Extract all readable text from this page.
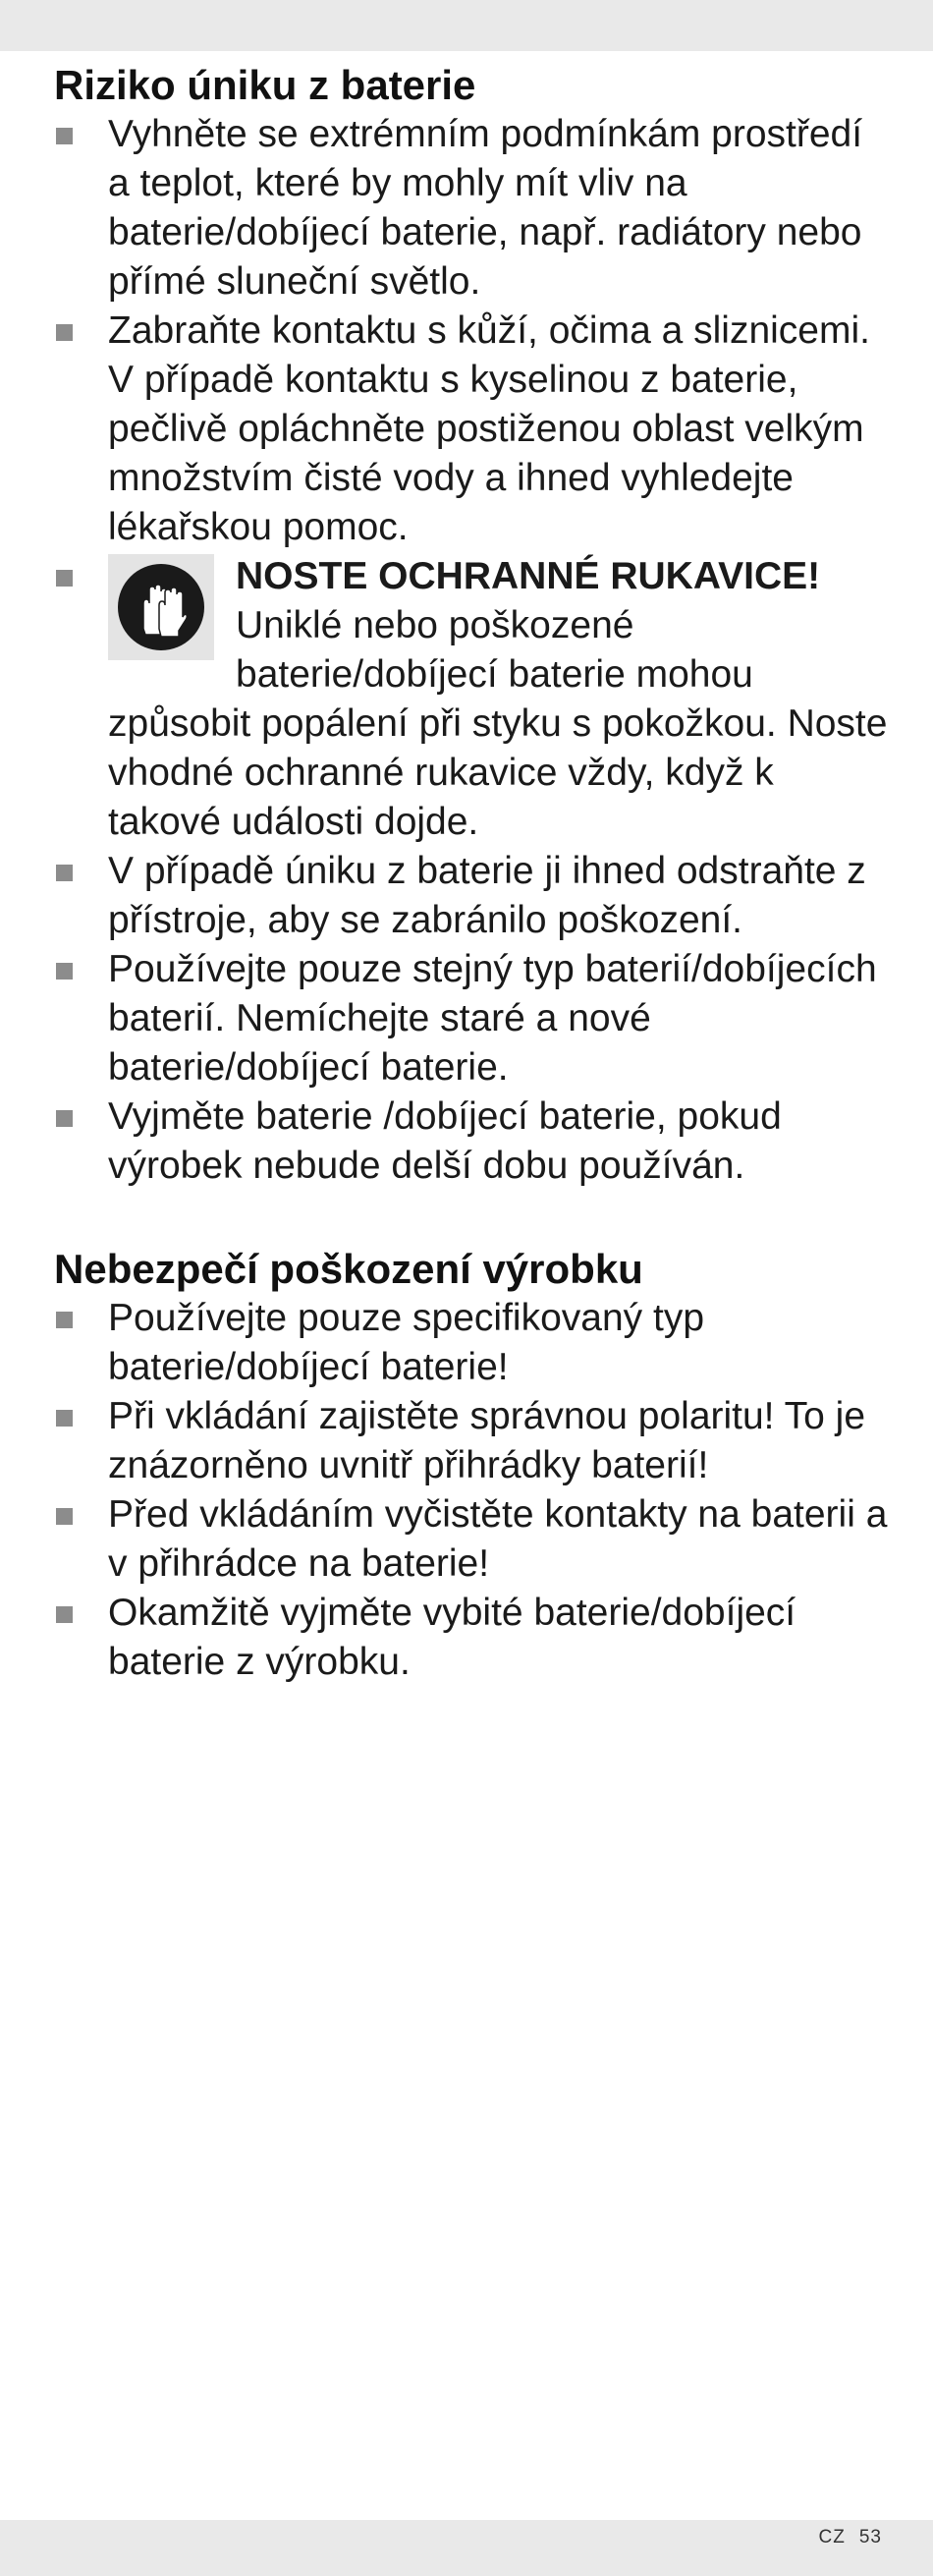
Riziko úniku z baterie
Vyhněte se extrémním podmínkám prostředí a teplot, které by mohly mít vliv na baterie/dobíjecí baterie, např. radiátory nebo přímé sluneční světlo.
Zabraňte kontaktu s kůží, očima a sliznicemi. V případě kontaktu s kyselinou z baterie, pečlivě opláchněte postiženou oblast velkým množstvím čisté vody a ihned vyhledejte lékařskou pomoc.
NOSTE OCHRANNÉ RUKAVICE! Uniklé nebo poškozené baterie/dobíjecí baterie mohou způsobit popálení při styku s pokožkou. Noste vhodné ochranné rukavice vždy, když k takové události dojde.
V případě úniku z baterie ji ihned odstraňte z přístroje, aby se zabránilo poškození.
Používejte pouze stejný typ baterií/dobíjecích baterií. Nemíchejte staré a nové baterie/dobíjecí baterie.
Vyjměte baterie /dobíjecí baterie, pokud výrobek nebude delší dobu používán.
Nebezpečí poškození výrobku
Používejte pouze specifikovaný typ baterie/dobíjecí baterie!
Při vkládání zajistěte správnou polaritu! To je znázorněno uvnitř přihrádky baterií!
Před vkládáním vyčistěte kontakty na baterii a v přihrádce na baterie!
Okamžitě vyjměte vybité baterie/dobíjecí baterie z výrobku.
CZ 53
